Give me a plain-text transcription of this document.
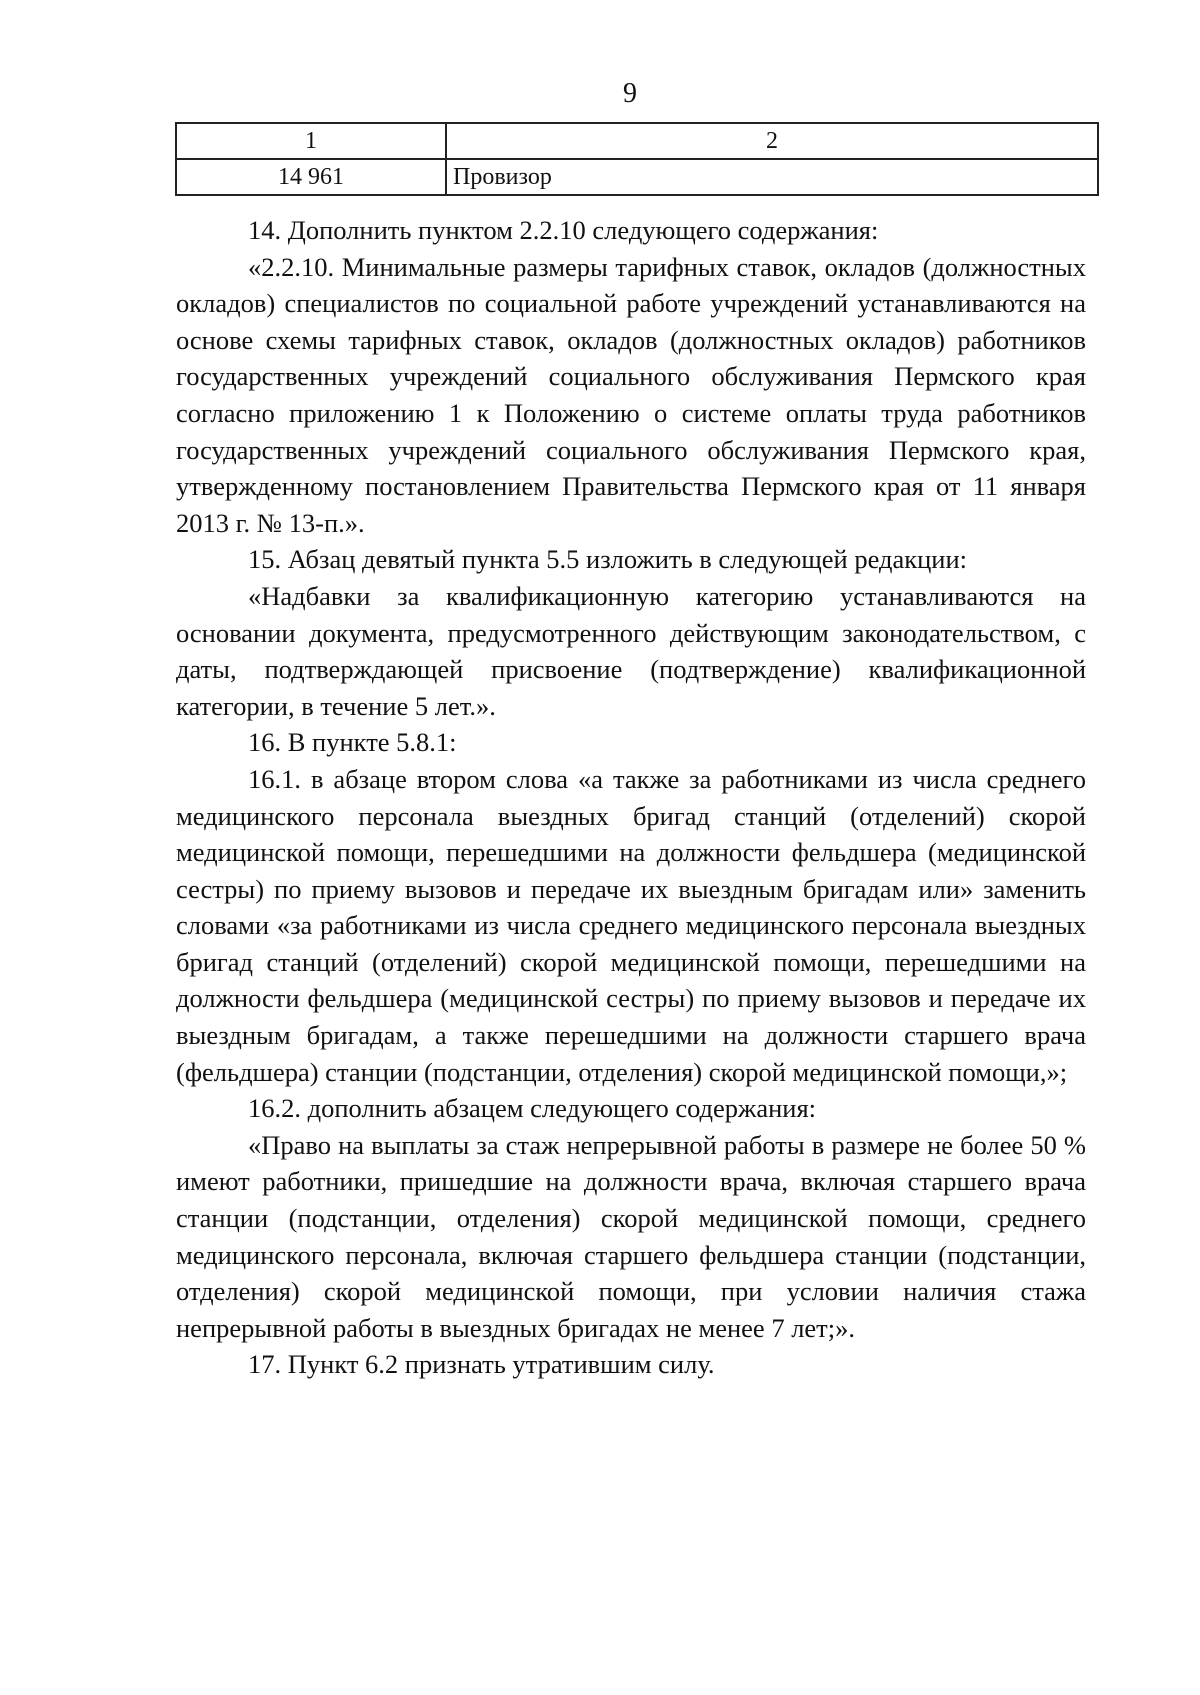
9
1	2
14 961	Провизор

14. Дополнить пунктом 2.2.10 следующего содержания:

«2.2.10. Минимальные размеры тарифных ставок, окладов (должностных окладов) специалистов по социальной работе учреждений устанавливаются на основе схемы тарифных ставок, окладов (должностных окладов) работников государственных учреждений социального обслуживания Пермского края согласно приложению 1 к Положению о системе оплаты труда работников государственных учреждений социального обслуживания Пермского края, утвержденному постановлением Правительства Пермского края от 11 января 2013 г. № 13-п.».

15. Абзац девятый пункта 5.5 изложить в следующей редакции:

«Надбавки за квалификационную категорию устанавливаются на основании документа, предусмотренного действующим законодательством, с даты, подтверждающей присвоение (подтверждение) квалификационной категории, в течение 5 лет.».

16. В пункте 5.8.1:

16.1. в абзаце втором слова «а также за работниками из числа среднего медицинского персонала выездных бригад станций (отделений) скорой медицинской помощи, перешедшими на должности фельдшера (медицинской сестры) по приему вызовов и передаче их выездным бригадам или» заменить словами «за работниками из числа среднего медицинского персонала выездных бригад станций (отделений) скорой медицинской помощи, перешедшими на должности фельдшера (медицинской сестры) по приему вызовов и передаче их выездным бригадам, а также перешедшими на должности старшего врача (фельдшера) станции (подстанции, отделения) скорой медицинской помощи,»;

16.2. дополнить абзацем следующего содержания:

«Право на выплаты за стаж непрерывной работы в размере не более 50 % имеют работники, пришедшие на должности врача, включая старшего врача станции (подстанции, отделения) скорой медицинской помощи, среднего медицинского персонала, включая старшего фельдшера станции (подстанции, отделения) скорой медицинской помощи, при условии наличия стажа непрерывной работы в выездных бригадах не менее 7 лет;».

17. Пункт 6.2 признать утратившим силу.
